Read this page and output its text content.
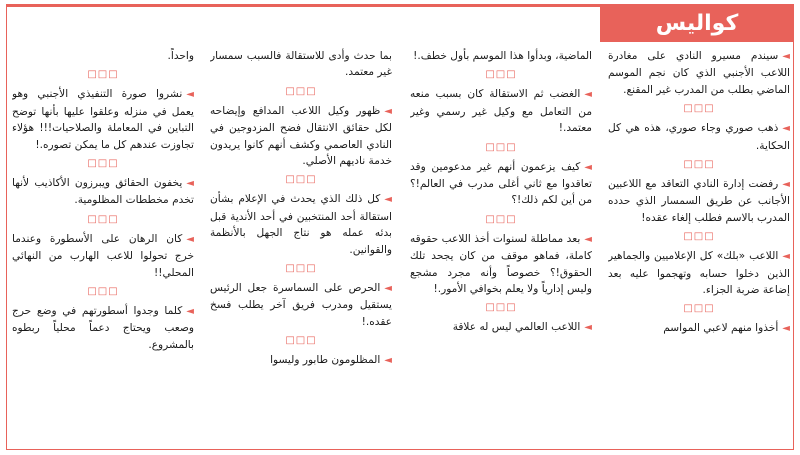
كواليس
◄سيندم مسيرو النادي على مغادرة اللاعب الأجنبي الذي كان نجم الموسم الماضي بطلب من المدرب غير المقنع.
□□□
◄ذهب صوري وجاء صوري، هذه هي كل الحكاية.
□□□
◄رفضت إدارة النادي التعاقد مع اللاعبين الأجانب عن طريق السمسار الذي حدده المدرب بالاسم فطلب إلغاء عقده!
□□□
◄اللاعب «بلك» كل الإعلاميين والجماهير الذين دخلوا حسابه وتهجموا عليه بعد إضاعة ضربة الجزاء.
□□□
◄أخذوا منهم لاعبي المواسم
الماضية، وبدأوا هذا الموسم بأول خطف.!
□□□
◄الغضب ثم الاستقالة كان بسبب منعه من التعامل مع وكيل غير رسمي وغير معتمد.!
□□□
◄كيف يزعمون أنهم غير مدعومين وقد تعاقدوا مع ثاني أغلى مدرب في العالم!؟ من أين لكم ذلك!؟
□□□
◄بعد مماطلة لسنوات أخذ اللاعب حقوقه كاملة، فماهو موقف من كان يجحد تلك الحقوق!؟ خصوصاً وأنه مجرد مشجع وليس إدارياً ولا يعلم بخوافي الأمور.!
□□□
◄اللاعب العالمي ليس له علاقة
بما حدث وأدى للاستقالة فالسبب سمسار غير معتمد.
□□□
◄ظهور وكيل اللاعب المدافع وإيضاحه لكل حقائق الانتقال فضح المزدوجين في النادي العاصمي وكشف أنهم كانوا يريدون خدمة ناديهم الأصلي.
□□□
◄كل ذلك الذي يحدث في الإعلام بشأن استقالة أحد المنتخبين في أحد الأندية قبل بدئه عمله هو نتاج الجهل بالأنظمة والقوانين.
□□□
◄الحرص على السماسرة جعل الرئيس يستقيل ومدرب فريق آخر يطلب فسخ عقده.!
□□□
◄المظلومون طابور وليسوا
واحداً.
□□□
◄نشروا صورة التنفيذي الأجنبي وهو يعمل في منزله وعلقوا عليها بأنها توضح التباين في المعاملة والصلاحيات!!! هؤلاء تجاوزت عندهم كل ما يمكن تصوره.!
□□□
◄يخفون الحقائق ويبرزون الأكاذيب لأنها تخدم مخططات المظلومية.
□□□
◄كان الرهان على الأسطورة وعندما خرج تحولوا للاعب الهارب من النهائي المحلي!!
□□□
◄كلما وجدوا أسطورتهم في وضع حرج وصعب ويحتاج دعماً محلياً ربطوه بالمشروع.
